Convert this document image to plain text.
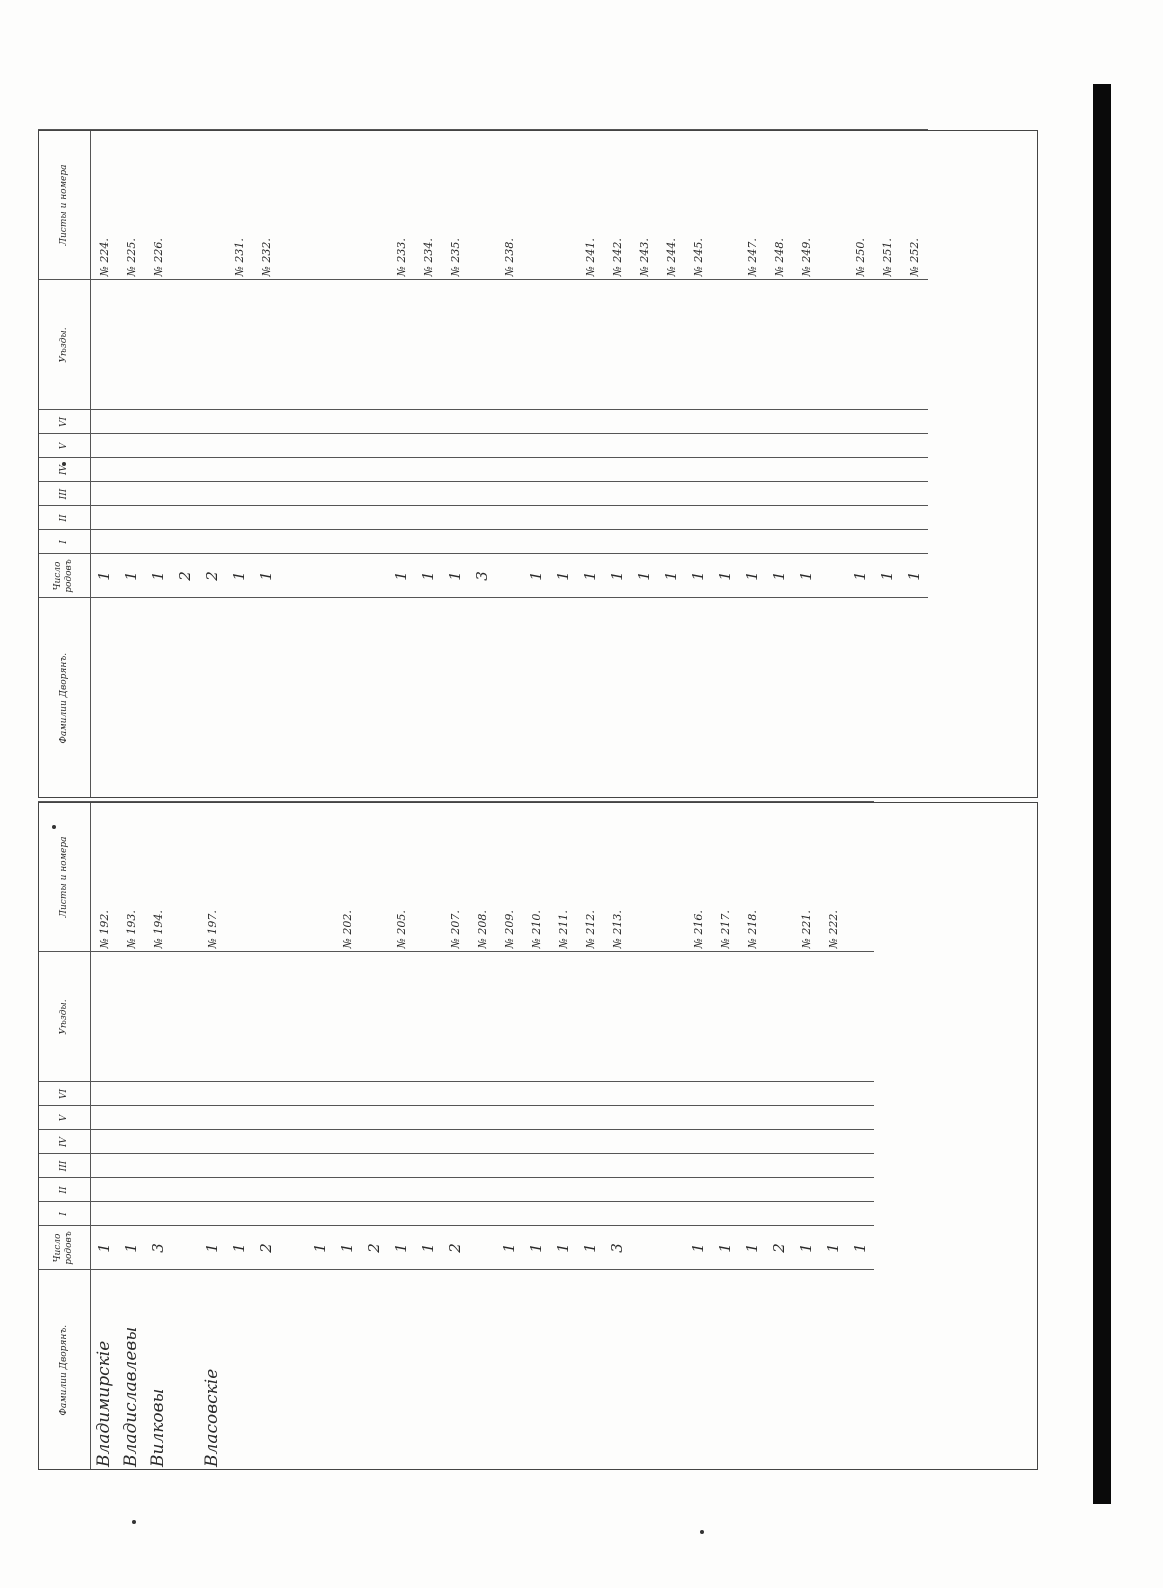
Фамилии Дворянъ.	Число родовъ	I	II	III	IV	V	VI	Уѣзды.	Листы и номера
Владимирскіе	1								№ 192.
Владиславлевы	1								№ 193.
Вилковы	3								№ 194.

Власовскіе	1								№ 197.
	1								
	2								

	1								
	1								№ 202.
	2								
	1								№ 205.
	1								
	2								№ 207.
									№ 208.
	1								№ 209.
	1								№ 210.
	1								№ 211.
	1								№ 212.
	3								№ 213.

	1								№ 216.
	1								№ 217.
	1								№ 218.
	2								
	1								№ 221.
	1								№ 222.
	1								
Фамилии Дворянъ.	Число родовъ	I	II	III	IV	V	VI	Уѣзды.	Листы и номера
	1								№ 224.
	1								№ 225.
	1								№ 226.
	2								
	2								
	1								№ 231.
	1								№ 232.

	1								№ 233.
	1								№ 234.
	1								№ 235.
	3								
									№ 238.
	1								
	1								
	1								№ 241.
	1								№ 242.
	1								№ 243.
	1								№ 244.
	1								№ 245.
	1								
	1								№ 247.
	1								№ 248.
	1								№ 249.

	1								№ 250.
	1								№ 251.
	1								№ 252.
